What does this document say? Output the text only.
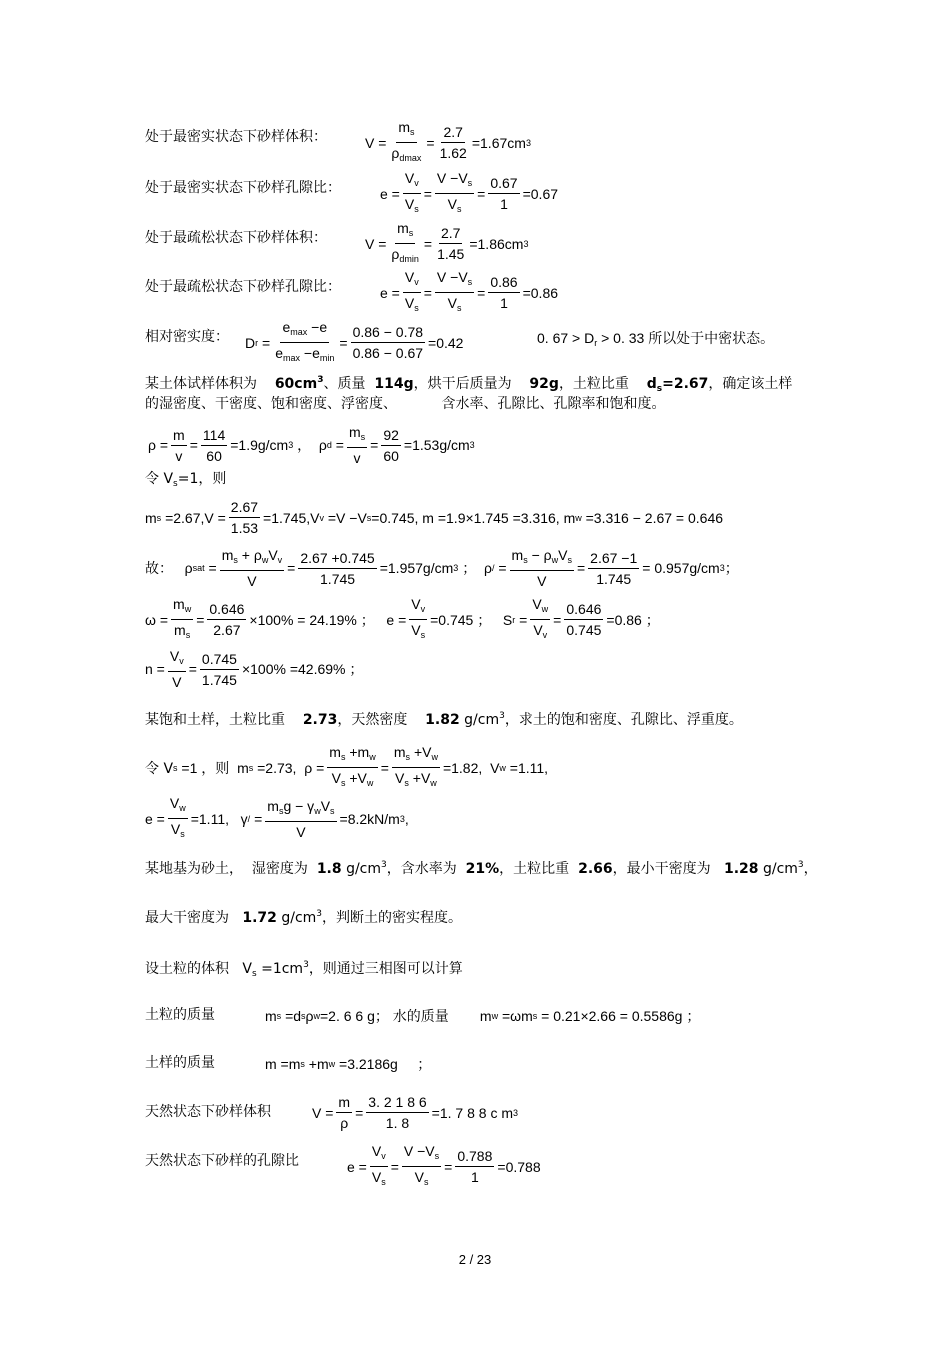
处于最密实状态下砂样体积：	V
= $\frac{m_s}{\rho_{dmax}} = \frac{2.7}{1.62} =1.67cm$ 3
处于最密实状态下砂样孔隙比：	$e = \frac{V_v}{V_s} = \frac{V -V_s}{V_s} = \frac{0.67}{1} =0.67$
处于最疏松状态下砂样体积：	$V = \frac{m_s}{\rho_{dmin}} = \frac{2.7}{1.45} =1.86cm$ 3
处于最疏松状态下砂样孔隙比：	$e = \frac{V_v}{V_s} = \frac{V -V_s}{V_s} = \frac{0.86}{1} =0.86$
相对密实度： D $r = \frac{e_{max} -e}{e_{max} -e_{min}} = \frac{0.86 - 0.78}{0.86 - 0.67} =0.42$	0. $67 > D_r > 0$. 33 所以处于中密状态。
某土体试样体积为 $60cm^3$、质量 114g，烘干后质量为 92g，土粒比重 $d_s=2.67$，确定该土样
的湿密度、干密度、饱和密度、浮密度、          含水率、孔隙比、孔隙率和饱和度。
$\rho = \frac{m}{v} = \frac{114}{60} =1.9g/cm$ 3
，
ρ $d = \frac{m_s}{v} = \frac{92}{60} =1.53g/cm$ 3
令 $V_s=1$，则
m s
$=2.67,V = \frac{2.67}{1.53} =1.745,V$ v
=V −V s =0.745, m =1.9×1.745 =3.316, m w
=3.316 − 2.67 = 0.646
故：
ρ sat = $\frac{m_s + \rho_wV_v}{V} = \frac{2.67 +0.745}{1.745} =1.957g/cm$ 3
；
ρ / = $\frac{m_s - \rho_wV_s}{V} = \frac{2.67 -1}{1.745} = 0.957g/cm$ 3 ；
$\omega = \frac{m_w}{m_s} = \frac{0.646}{2.67} \times 100\% = 24.19\%$
；
$e = \frac{V_v}{V_s} =0.745$
；
S $r = \frac{V_w}{V_v} = \frac{0.646}{0.745} =0.86$
；
$n = \frac{V_v}{V} = \frac{0.745}{1.745} \times 100\% =42.69\%$
；
某饱和土样，土粒比重 2.73，天然密度 1.82 $g/cm^3$，求土的饱和密度、孔隙比、浮重度。
令 V s
=1
，则
m s
=2.73,
$\rho = \frac{m_s +m_w}{V_s +V_w} = \frac{m_s +V_w}{V_s +V_w} =1.82$,
V w
=1.11,
$e = \frac{V_w}{V_s} =1.11$,
γ / = $\frac{m_sg - \gamma_wV_s}{V} =8.2kN/m$ 3 ,
某地基为砂土，  湿密度为 1.8 $g/cm^3$，含水率为 21%，土粒比重 2.66，最小干密度为 1.28 $g/cm^3$，
最大干密度为 1.72 $g/cm^3$，判断土的密实程度。
设土粒的体积 $V_s =1cm^3$，则通过三相图可以计算
土粒的质量	m s
=d s ρ w =2. 6 6 g；
水的质量
m w
=ωm s
= 0.21×2.66 = 0.5586g
；
土样的质量	m =m s
+m w
=3.2186g
；
天然状态下砂样体积	$V = \frac{m}{\rho} = \frac{3. 2 1 8 6}{1. 8} =1$. 7 8 8 c m 3
天然状态下砂样的孔隙比	$e = \frac{V_v}{V_s} = \frac{V -V_s}{V_s} = \frac{0.788}{1} =0.788$
2 / 23
